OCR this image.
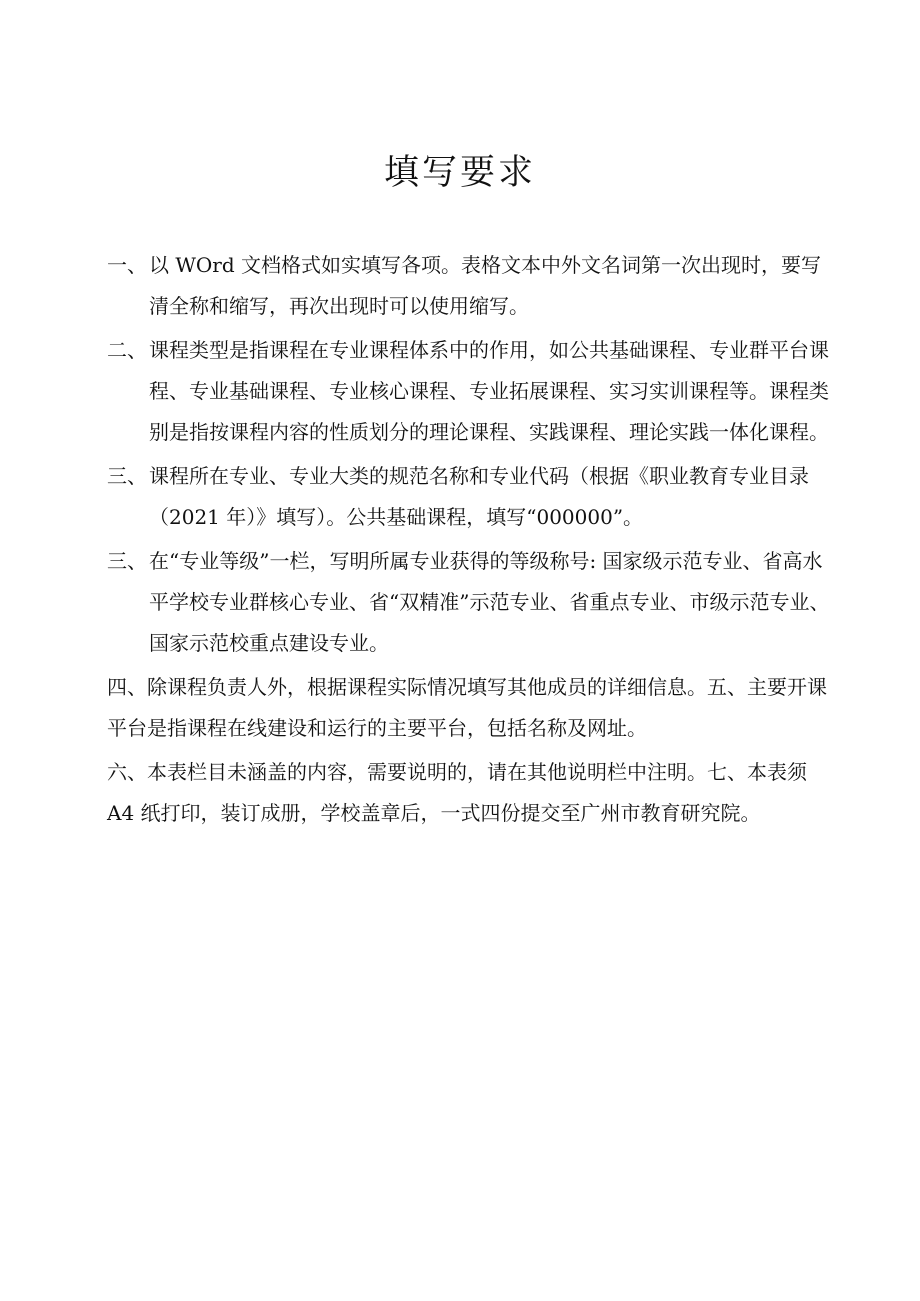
填写要求
一、 以 WOrd 文档格式如实填写各项。表格文本中外文名词第一次出现时，要写清全称和缩写，再次出现时可以使用缩写。
二、 课程类型是指课程在专业课程体系中的作用，如公共基础课程、专业群平台课程、专业基础课程、专业核心课程、专业拓展课程、实习实训课程等。课程类别是指按课程内容的性质划分的理论课程、实践课程、理论实践一体化课程。
三、 课程所在专业、专业大类的规范名称和专业代码（根据《职业教育专业目录（2021 年）》填写）。公共基础课程，填写“000000”。
三、 在“专业等级”一栏，写明所属专业获得的等级称号: 国家级示范专业、省高水平学校专业群核心专业、省“双精准”示范专业、省重点专业、市级示范专业、国家示范校重点建设专业。
四、除课程负责人外，根据课程实际情况填写其他成员的详细信息。五、主要开课平台是指课程在线建设和运行的主要平台，包括名称及网址。
六、本表栏目未涵盖的内容，需要说明的，请在其他说明栏中注明。七、本表须 A4 纸打印，装订成册，学校盖章后，一式四份提交至广州市教育研究院。
